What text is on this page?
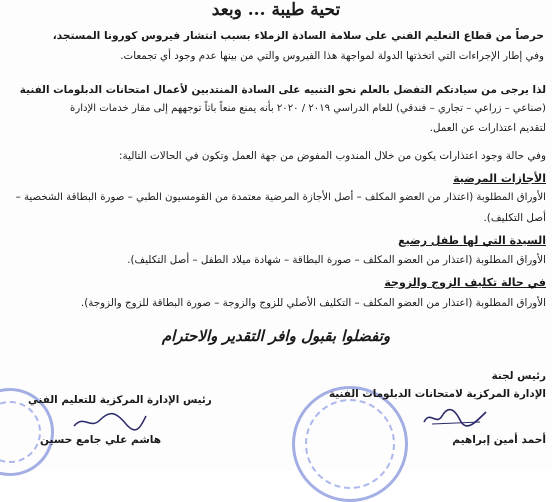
تحية طيبة ... وبعد
حرصاً من قطاع التعليم الفني على سلامة السادة الزملاء بسبب انتشار فيروس كورونا المستجد،
وفي إطار الإجراءات التي اتخذتها الدولة لمواجهة هذا الفيروس والتي من بينها عدم وجود أي تجمعات.
لذا يرجى من سيادتكم التفضل بالعلم نحو التنبيه على السادة المنتدبين لأعمال امتحانات الدبلومات الفنية
(صناعي – زراعي – تجاري – فندقي) للعام الدراسي ٢٠١٩ / ٢٠٢٠ بأنه يمنع منعاً باتاً توجههم إلى مقار خدمات الإدارة
لتقديم اعتذارات عن العمل.
وفي حالة وجود اعتذارات يكون من خلال المندوب المفوض من جهة العمل وتكون في الحالات التالية:
الأجازات المرضية
الأوراق المطلوبة (اعتذار من العضو المكلف – أصل الأجازة المرضية معتمدة من القومسيون الطبي – صورة البطاقة الشخصية –
أصل التكليف).
السيدة التي لها طفل رضيع
الأوراق المطلوبة (اعتذار من العضو المكلف – صورة البطاقة – شهادة ميلاد الطفل – أصل التكليف).
في حالة تكليف الزوج والزوجة
الأوراق المطلوبة (اعتذار من العضو المكلف – التكليف الأصلي للزوج والزوجة – صورة البطاقة للزوج والزوجة).
وتفضلوا بقبول وافر التقدير والاحترام
رئيس لجنة
الإدارة المركزية لامتحانات الدبلومات الفنية
أحمد أمين إبراهيم
رئيس الإدارة المركزية للتعليم الفني
هاشم علي جامع حسين
